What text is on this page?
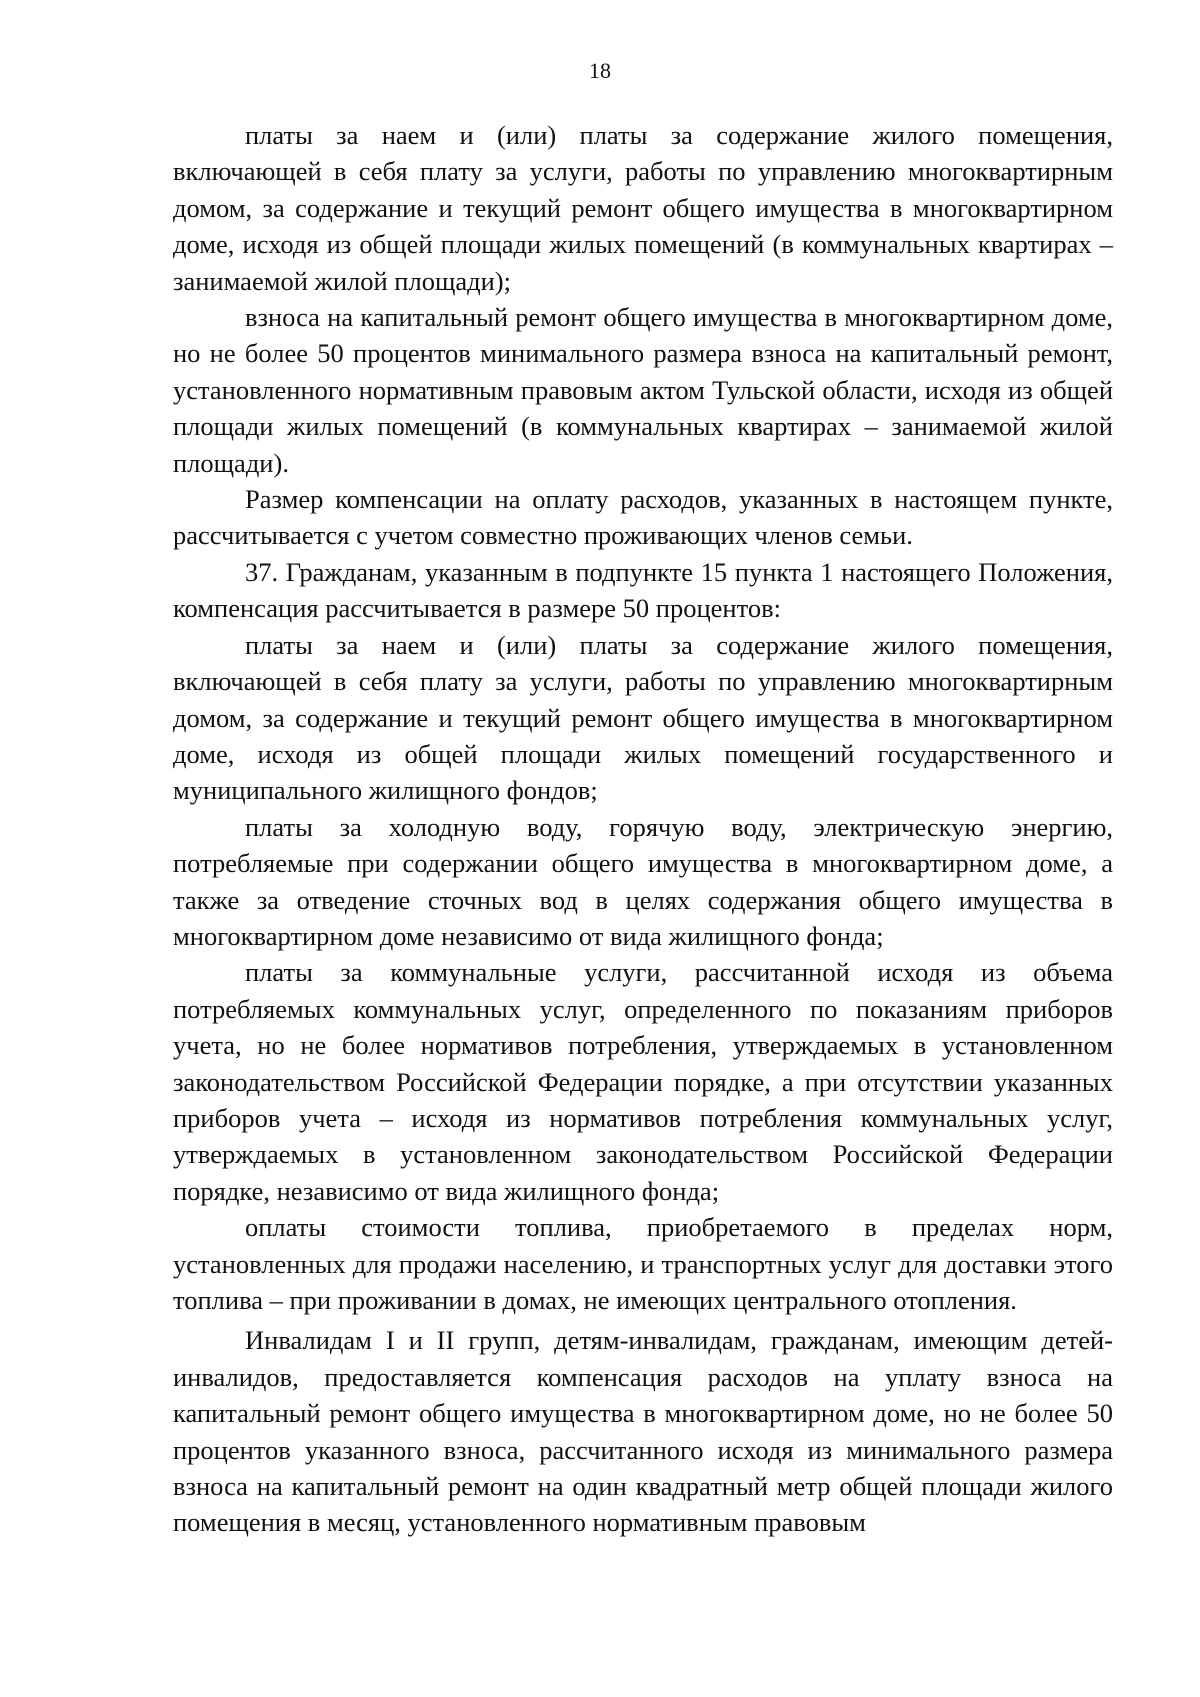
18

платы за наем и (или) платы за содержание жилого помещения, включающей в себя плату за услуги, работы по управлению многоквартирным домом, за содержание и текущий ремонт общего имущества в многоквартирном доме, исходя из общей площади жилых помещений (в коммунальных квартирах – занимаемой жилой площади);

взноса на капитальный ремонт общего имущества в многоквартирном доме, но не более 50 процентов минимального размера взноса на капитальный ремонт, установленного нормативным правовым актом Тульской области, исходя из общей площади жилых помещений (в коммунальных квартирах – занимаемой жилой площади).

Размер компенсации на оплату расходов, указанных в настоящем пункте, рассчитывается с учетом совместно проживающих членов семьи.

37. Гражданам, указанным в подпункте 15 пункта 1 настоящего Положения, компенсация рассчитывается в размере 50 процентов:

платы за наем и (или) платы за содержание жилого помещения, включающей в себя плату за услуги, работы по управлению многоквартирным домом, за содержание и текущий ремонт общего имущества в многоквартирном доме, исходя из общей площади жилых помещений государственного и муниципального жилищного фондов;

платы за холодную воду, горячую воду, электрическую энергию, потребляемые при содержании общего имущества в многоквартирном доме, а также за отведение сточных вод в целях содержания общего имущества в многоквартирном доме независимо от вида жилищного фонда;

платы за коммунальные услуги, рассчитанной исходя из объема потребляемых коммунальных услуг, определенного по показаниям приборов учета, но не более нормативов потребления, утверждаемых в установленном законодательством Российской Федерации порядке, а при отсутствии указанных приборов учета – исходя из нормативов потребления коммунальных услуг, утверждаемых в установленном законодательством Российской Федерации порядке, независимо от вида жилищного фонда;

оплаты стоимости топлива, приобретаемого в пределах норм, установленных для продажи населению, и транспортных услуг для доставки этого топлива – при проживании в домах, не имеющих центрального отопления.

Инвалидам I и II групп, детям-инвалидам, гражданам, имеющим детей-инвалидов, предоставляется компенсация расходов на уплату взноса на капитальный ремонт общего имущества в многоквартирном доме, но не более 50 процентов указанного взноса, рассчитанного исходя из минимального размера взноса на капитальный ремонт на один квадратный метр общей площади жилого помещения в месяц, установленного нормативным правовым
